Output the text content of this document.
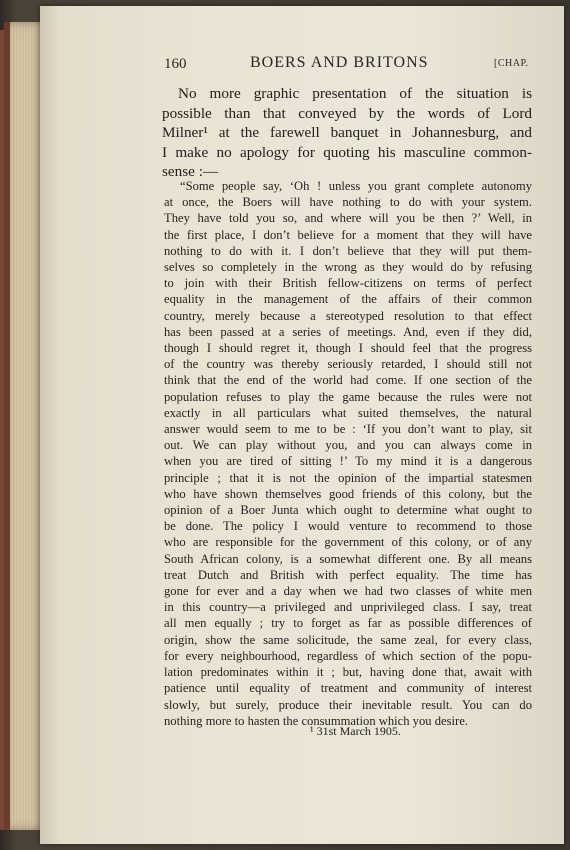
160	BOERS AND BRITONS	[CHAP.
No more graphic presentation of the situation is
possible than that conveyed by the words of Lord
Milner¹ at the farewell banquet in Johannesburg, and
I make no apology for quoting his masculine common-
sense :—
“Some people say, ‘Oh ! unless you grant complete autonomy
at once, the Boers will have nothing to do with your system.
They have told you so, and where will you be then ?’ Well, in
the first place, I don’t believe for a moment that they will have
nothing to do with it. I don’t believe that they will put them-
selves so completely in the wrong as they would do by refusing
to join with their British fellow-citizens on terms of perfect
equality in the management of the affairs of their common
country, merely because a stereotyped resolution to that effect
has been passed at a series of meetings. And, even if they did,
though I should regret it, though I should feel that the progress
of the country was thereby seriously retarded, I should still not
think that the end of the world had come. If one section of the
population refuses to play the game because the rules were not
exactly in all particulars what suited themselves, the natural
answer would seem to me to be : ‘If you don’t want to play, sit
out. We can play without you, and you can always come in
when you are tired of sitting !’ To my mind it is a dangerous
principle ; that it is not the opinion of the impartial statesmen
who have shown themselves good friends of this colony, but the
opinion of a Boer Junta which ought to determine what ought to
be done. The policy I would venture to recommend to those
who are responsible for the government of this colony, or of any
South African colony, is a somewhat different one. By all means
treat Dutch and British with perfect equality. The time has
gone for ever and a day when we had two classes of white men
in this country—a privileged and unprivileged class. I say, treat
all men equally ; try to forget as far as possible differences of
origin, show the same solicitude, the same zeal, for every class,
for every neighbourhood, regardless of which section of the popu-
lation predominates within it ; but, having done that, await with
patience until equality of treatment and community of interest
slowly, but surely, produce their inevitable result. You can do
nothing more to hasten the consummation which you desire.
¹ 31st March 1905.
